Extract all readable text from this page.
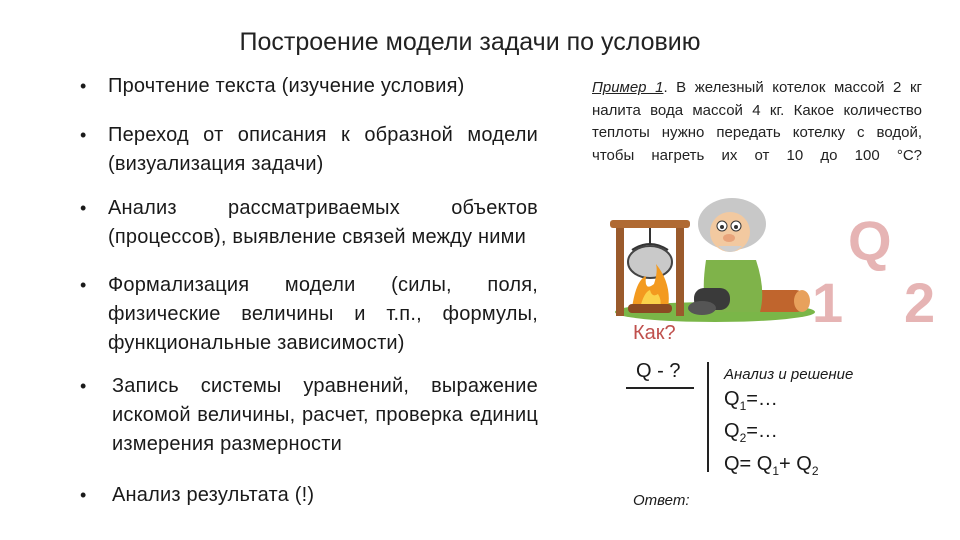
Построение модели задачи по условию
• Прочтение текста (изучение условия)
• Переход от описания к образной модели (визуализация задачи)
• Анализ рассматриваемых объектов (процессов), выявление связей между ними
• Формализация модели (силы, поля, физические величины и т.п., формулы, функциональные зависимости)
• Запись системы уравнений, выражение искомой величины, расчет, проверка единиц измерения размерности
• Анализ результата (!)
Пример 1. В железный котелок массой 2 кг налита вода массой 4 кг. Какое количество теплоты нужно передать котелку с водой, чтобы нагреть их от 10 до 100 °С?
Q
1 2
Как?
Q - ?	Анализ и решение
$Q_1=\dots$
$Q_2=\dots$
$Q= Q_1+ Q_2$
Ответ:
